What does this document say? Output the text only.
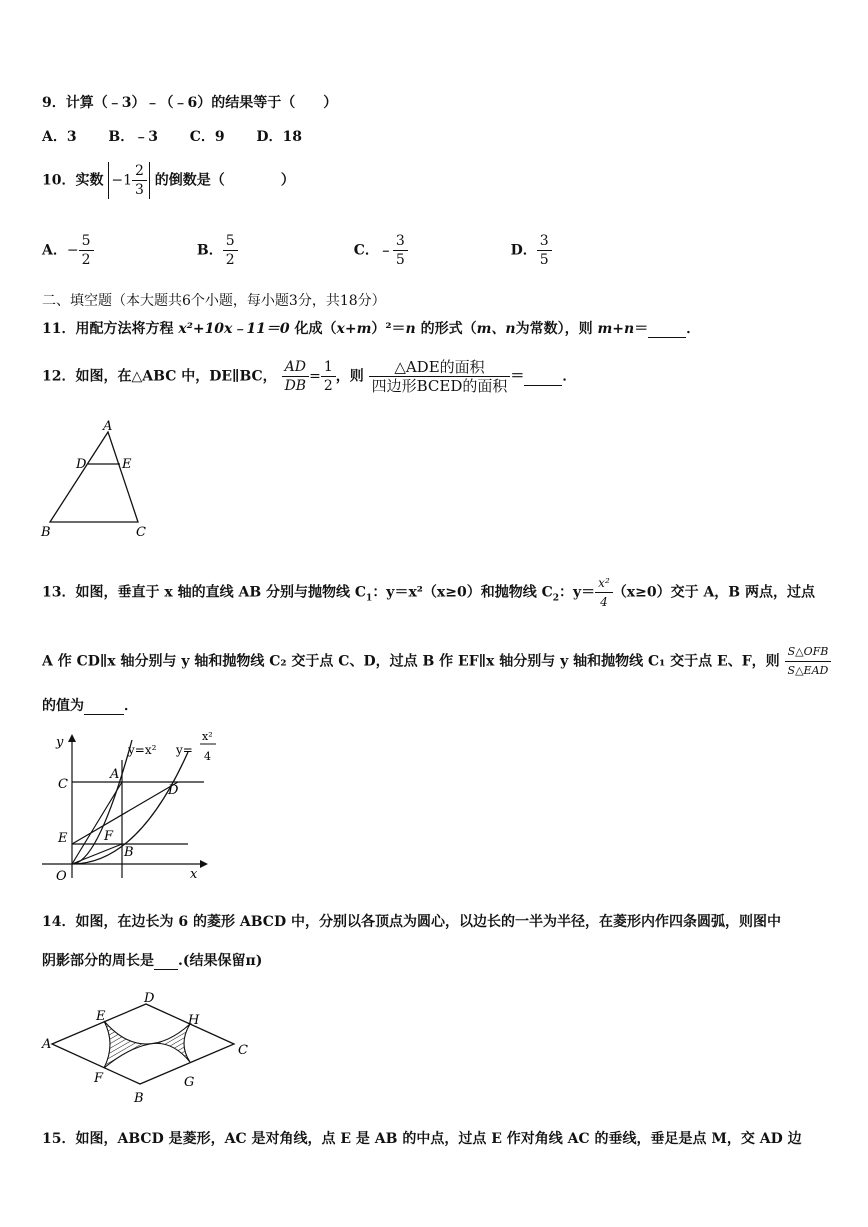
9．计算（﹣3）﹣（﹣6）的结果等于（　　）
A．3 B．﹣3 C．9 D．18
10．实数 $-1 \frac{2}{3}$ 的倒数是（　　　　）
A．− $\frac{5}{2}$	B． $\frac{5}{2}$	C．﹣ $\frac{3}{5}$	D． $\frac{3}{5}$
二、填空题（本大题共6个小题，每小题3分，共18分）
11．用配方法将方程 x²+10x﹣11＝0 化成（x+m）²＝n 的形式（m、n为常数），则 m+n＝	．
12．如图，在△ABC 中，DE∥BC， $\frac{AD}{DB} = \frac{1}{2}$ ，则 $\frac{\text{△ADE的面积}}{\text{四边形BCED的面积}}$ ＝	．
A
D	E
B	C
13．如图，垂直于 x 轴的直线 AB 分别与抛物线 $C_1$：y＝x²（x≥0）和抛物线 $C_2$：$y= \frac{\text{x²}}{4} (x\ge 0)$交于 A，B 两点，过点
A 作 CD∥x 轴分别与 y 轴和抛物线 C₂ 交于点 C、D，过点 B 作 EF∥x 轴分别与 y 轴和抛物线 C₁ 交于点 E、F，则 $\frac{\text{S△OFB}}{\text{S△EAD}}$
的值为	．
y
x
O
C
E
A
D
F
B
y=x² y=
x²
4
14．如图，在边长为 6 的菱形 ABCD 中，分别以各顶点为圆心，以边长的一半为半径，在菱形内作四条圆弧，则图中
阴影部分的周长是 .(结果保留π)
A
B
C
D
E
F	G
H
15．如图，ABCD 是菱形，AC 是对角线，点 E 是 AB 的中点，过点 E 作对角线 AC 的垂线，垂足是点 M，交 AD 边
